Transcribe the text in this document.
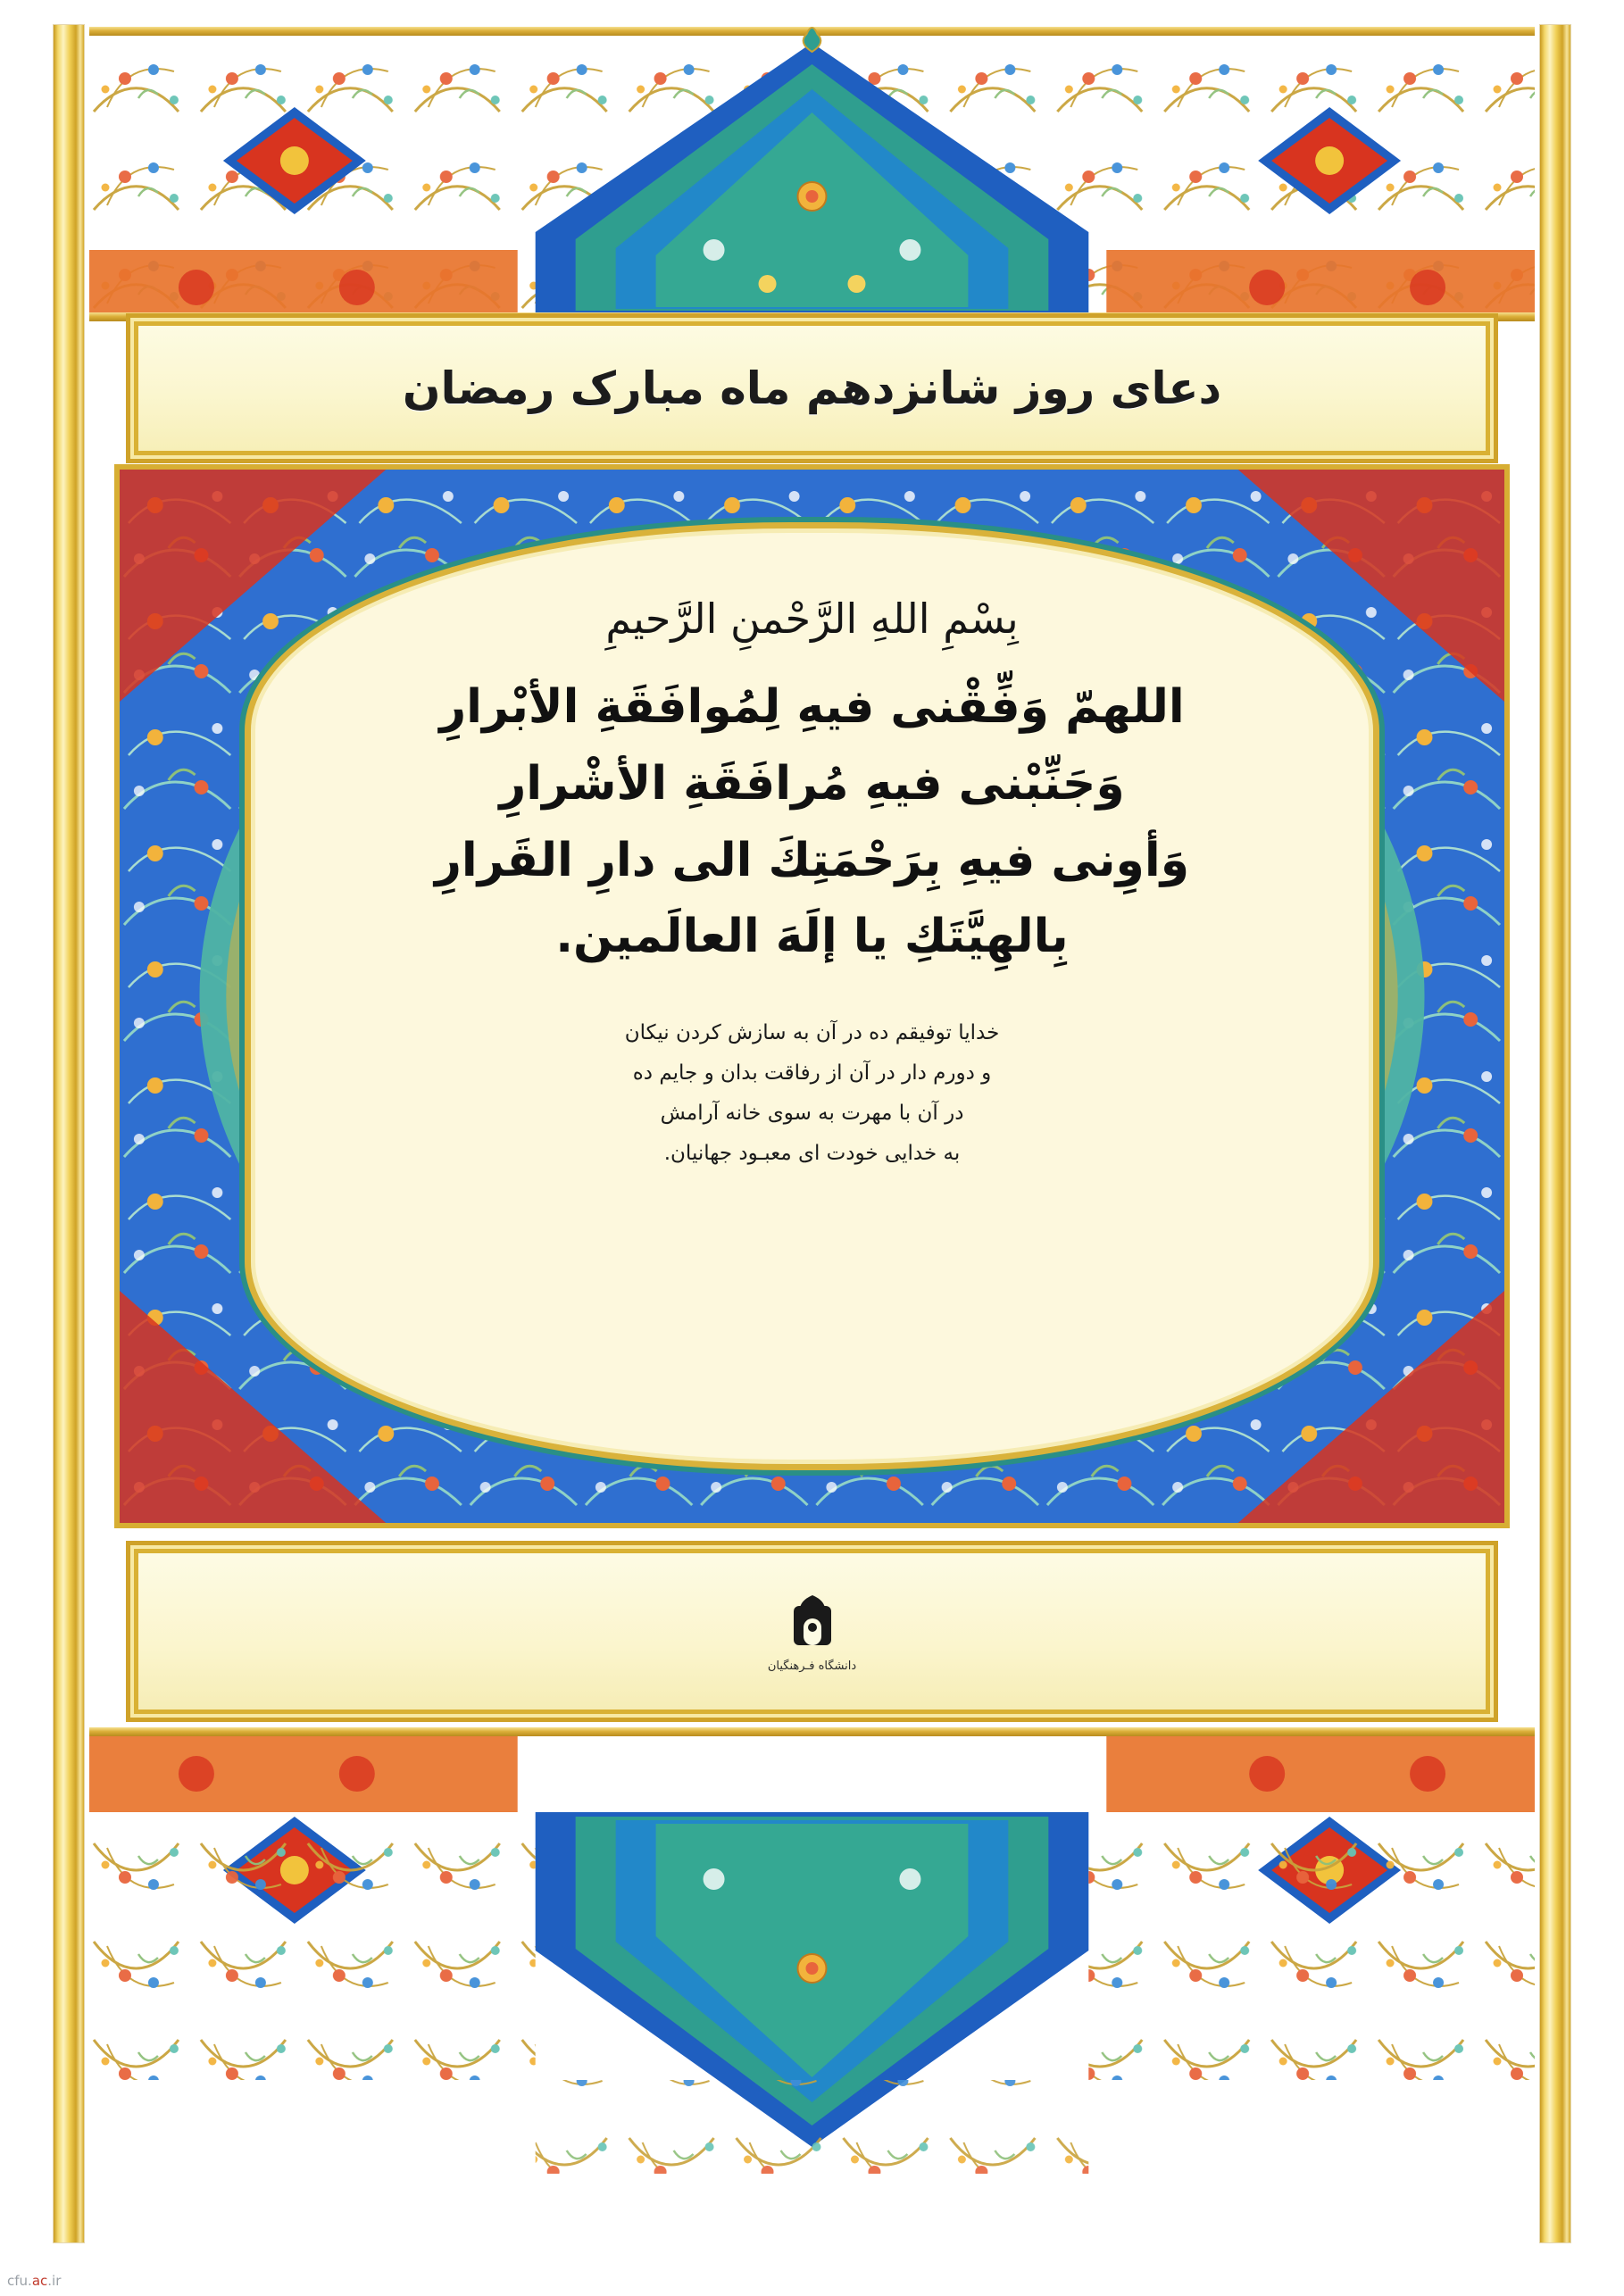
دعای روز شانزدهم ماه مبارک رمضان
بِسْمِ اللهِ الرَّحْمنِ الرَّحيمِ
اللهمّ وَفِّقْنى فيهِ لِمُوافَقَةِ الأبْرارِ
وَجَنِّبْنى فيهِ مُرافَقَةِ الأشْرارِ
وَأوِنى فيهِ بِرَحْمَتِكَ الى دارِ القَرارِ
بِالهِيَّتَكِ يا إلَهَ العالَمين.
خدایا توفیقم ده در آن به سازش کردن نیکان
و دورم دار در آن از رفاقت بدان و جایم ده
در آن با مهرت به سوی خانه آرامش
به خدایی خودت ای معبـود جهانیان.
دانشگاه فـرهنگیان
cfu.ac.ir
